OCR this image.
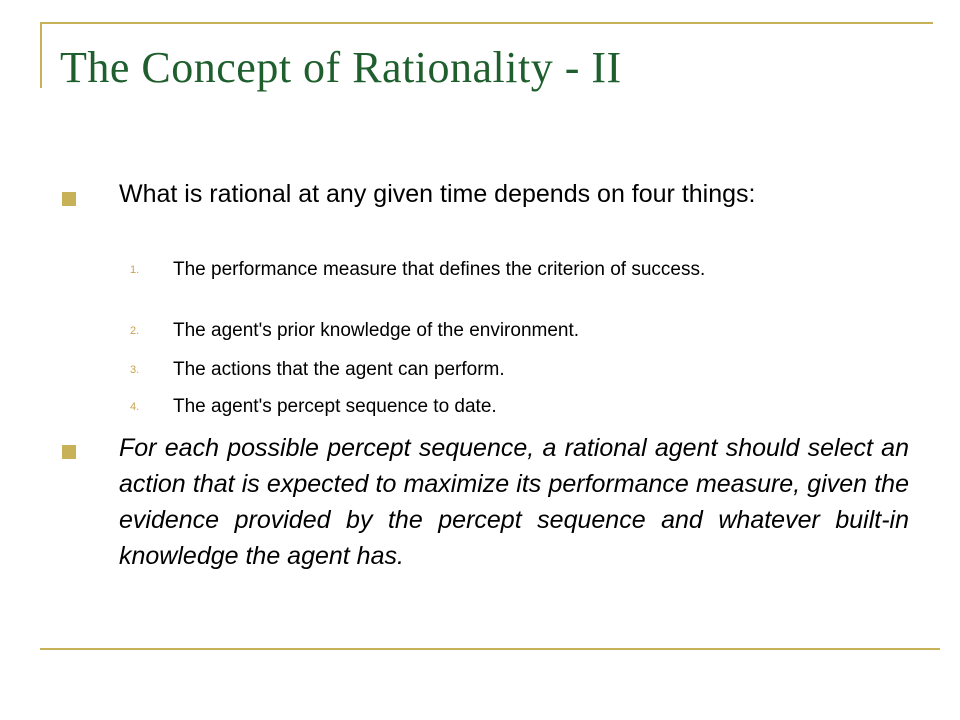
The Concept of Rationality - II
What is rational at any given time depends on four things:
1. The performance measure that defines the criterion of success.
2. The agent's prior knowledge of the environment.
3. The actions that the agent can perform.
4. The agent's percept sequence to date.
For each possible percept sequence, a rational agent should select an action that is expected to maximize its performance measure, given the evidence provided by the percept sequence and whatever built-in knowledge the agent has.
